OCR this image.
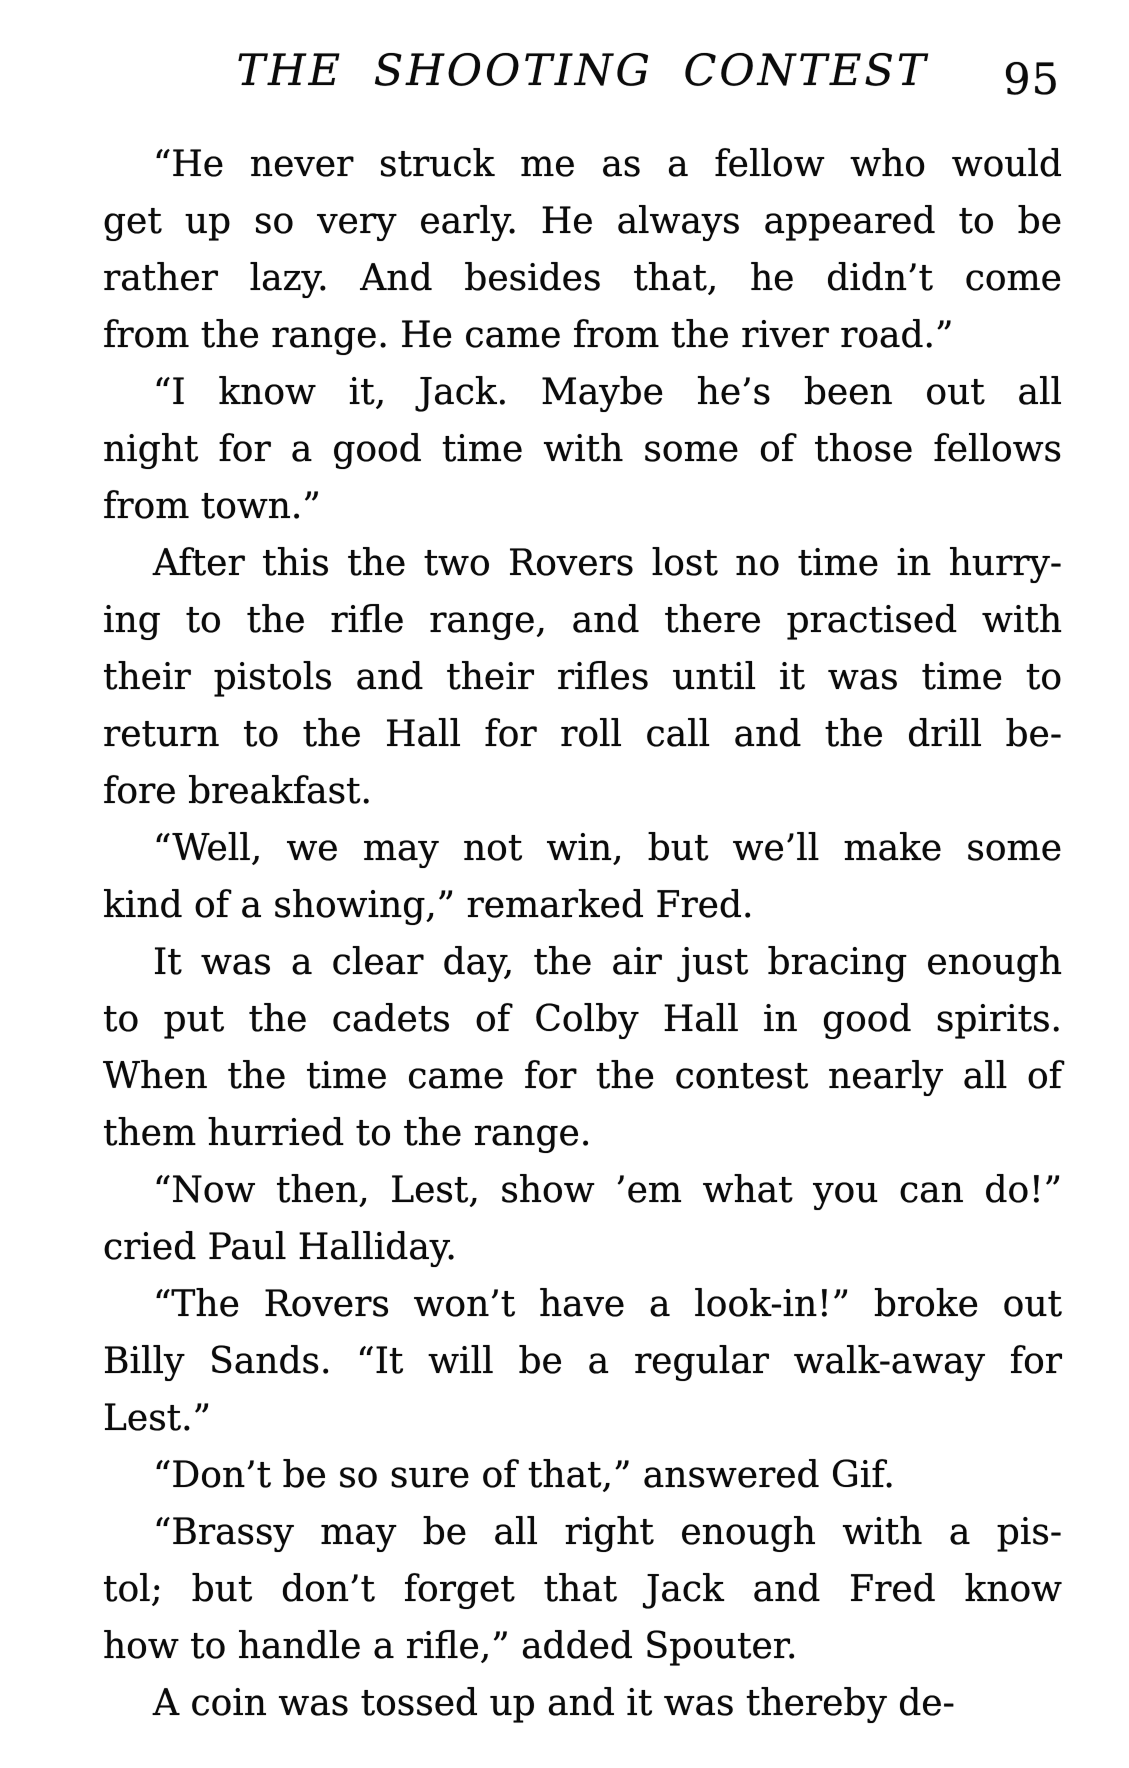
THE SHOOTING CONTEST	95
“He never struck me as a fellow who would
get up so very early. He always appeared to be
rather lazy. And besides that, he didn’t come
from the range. He came from the river road.”
“I know it, Jack. Maybe he’s been out all
night for a good time with some of those fellows
from town.”
After this the two Rovers lost no time in hurry-
ing to the rifle range, and there practised with
their pistols and their rifles until it was time to
return to the Hall for roll call and the drill be-
fore breakfast.
“Well, we may not win, but we’ll make some
kind of a showing,” remarked Fred.
It was a clear day, the air just bracing enough
to put the cadets of Colby Hall in good spirits.
When the time came for the contest nearly all of
them hurried to the range.
“Now then, Lest, show ’em what you can do!”
cried Paul Halliday.
“The Rovers won’t have a look-in!” broke out
Billy Sands. “It will be a regular walk-away for
Lest.”
“Don’t be so sure of that,” answered Gif.
“Brassy may be all right enough with a pis-
tol; but don’t forget that Jack and Fred know
how to handle a rifle,” added Spouter.
A coin was tossed up and it was thereby de-
